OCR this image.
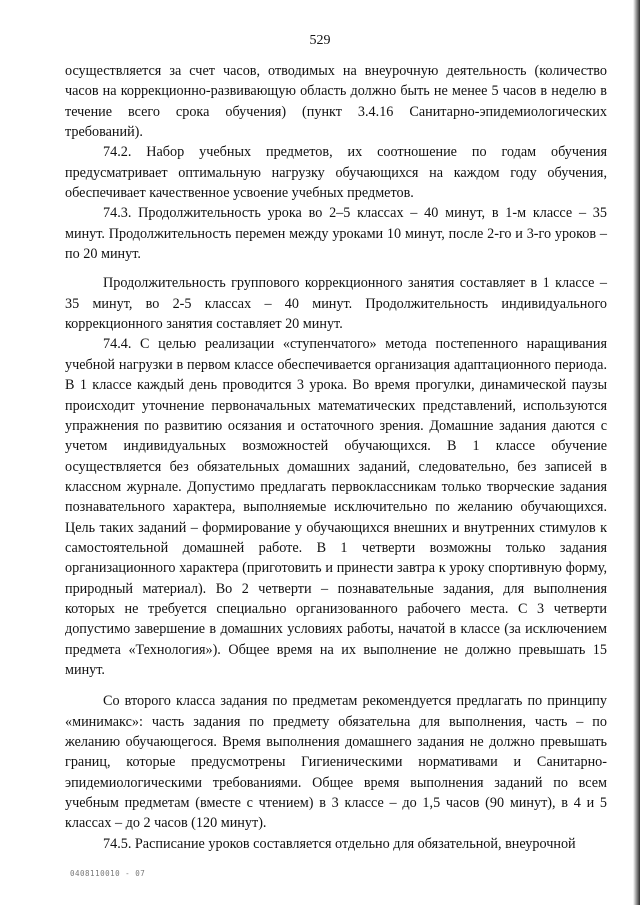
529

осуществляется за счет часов, отводимых на внеурочную деятельность (количество часов на коррекционно-развивающую область должно быть не менее 5 часов в неделю в течение всего срока обучения) (пункт 3.4.16 Санитарно-эпидемиологических требований).

74.2. Набор учебных предметов, их соотношение по годам обучения предусматривает оптимальную нагрузку обучающихся на каждом году обучения, обеспечивает качественное усвоение учебных предметов.

74.3. Продолжительность урока во 2–5 классах – 40 минут, в 1-м классе – 35 минут. Продолжительность перемен между уроками 10 минут, после 2-го и 3-го уроков – по 20 минут.

Продолжительность группового коррекционного занятия составляет в 1 классе – 35 минут, во 2-5 классах – 40 минут. Продолжительность индивидуального коррекционного занятия составляет 20 минут.

74.4. С целью реализации «ступенчатого» метода постепенного наращивания учебной нагрузки в первом классе обеспечивается организация адаптационного периода. В 1 классе каждый день проводится 3 урока. Во время прогулки, динамической паузы происходит уточнение первоначальных математических представлений, используются упражнения по развитию осязания и остаточного зрения. Домашние задания даются с учетом индивидуальных возможностей обучающихся. В 1 классе обучение осуществляется без обязательных домашних заданий, следовательно, без записей в классном журнале. Допустимо предлагать первоклассникам только творческие задания познавательного характера, выполняемые исключительно по желанию обучающихся. Цель таких заданий – формирование у обучающихся внешних и внутренних стимулов к самостоятельной домашней работе. В 1 четверти возможны только задания организационного характера (приготовить и принести завтра к уроку спортивную форму, природный материал). Во 2 четверти – познавательные задания, для выполнения которых не требуется специально организованного рабочего места. С 3 четверти допустимо завершение в домашних условиях работы, начатой в классе (за исключением предмета «Технология»). Общее время на их выполнение не должно превышать 15 минут.

Со второго класса задания по предметам рекомендуется предлагать по принципу «минимакс»: часть задания по предмету обязательна для выполнения, часть – по желанию обучающегося. Время выполнения домашнего задания не должно превышать границ, которые предусмотрены Гигиеническими нормативами и Санитарно-эпидемиологическими требованиями. Общее время выполнения заданий по всем учебным предметам (вместе с чтением) в 3 классе – до 1,5 часов (90 минут), в 4 и 5 классах – до 2 часов (120 минут).

74.5. Расписание уроков составляется отдельно для обязательной, внеурочной

0408110010 - 07
